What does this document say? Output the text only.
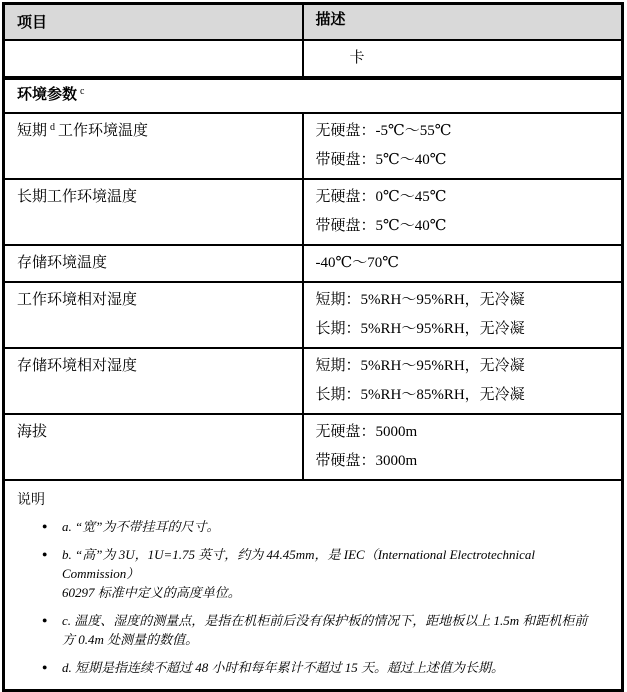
项目	描述

	卡

环境参数 $^c$
短期 $^d$ 工作环境温度	无硬盘：-5℃～55℃
带硬盘：5℃～40℃

长期工作环境温度	无硬盘：0℃～45℃
带硬盘：5℃～40℃

存储环境温度	-40℃～70℃

工作环境相对湿度	短期：5%RH～95%RH，无冷凝
长期：5%RH～95%RH，无冷凝

存储环境相对湿度	短期：5%RH～95%RH，无冷凝
长期：5%RH～85%RH，无冷凝

海拔	无硬盘：5000m
带硬盘：3000m

说明
●	a. “宽”为不带挂耳的尺寸。
●	b. “高”为 3U，1U=1.75 英寸，约为 44.45mm，是 IEC（International Electrotechnical Commission）
60297 标准中定义的高度单位。
●	c. 温度、湿度的测量点，是指在机柜前后没有保护板的情况下，距地板以上 1.5m 和距机柜前
方 0.4m 处测量的数值。
●	d. 短期是指连续不超过 48 小时和每年累计不超过 15 天。超过上述值为长期。
